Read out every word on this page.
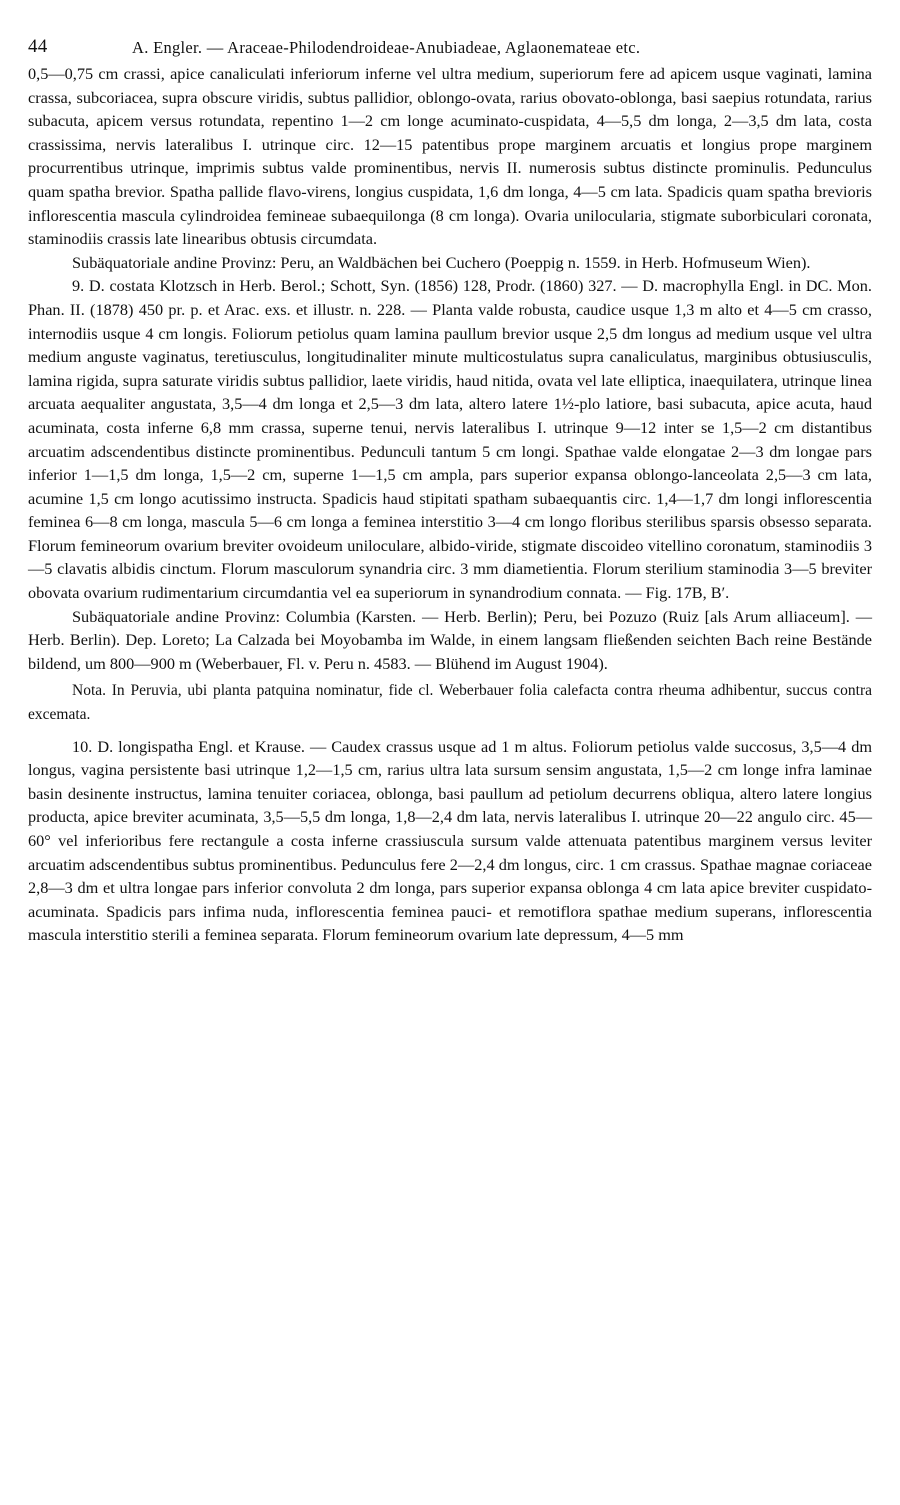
44	A. Engler. — Araceae-Philodendroideae-Anubiadeae, Aglaonemateae etc.

0,5—0,75 cm crassi, apice canaliculati inferiorum inferne vel ultra medium, superiorum fere ad apicem usque vaginati, lamina crassa, subcoriacea, supra obscure viridis, subtus pallidior, oblongo-ovata, rarius obovato-oblonga, basi saepius rotundata, rarius subacuta, apicem versus rotundata, repentino 1—2 cm longe acuminato-cuspidata, 4—5,5 dm longa, 2—3,5 dm lata, costa crassissima, nervis lateralibus I. utrinque circ. 12—15 patentibus prope marginem arcuatis et longius prope marginem procurrentibus utrinque, imprimis subtus valde prominentibus, nervis II. numerosis subtus distincte prominulis. Pedunculus quam spatha brevior. Spatha pallide flavo-virens, longius cuspidata, 1,6 dm longa, 4—5 cm lata. Spadicis quam spatha brevioris inflorescentia mascula cylindroidea femineae subaequilonga (8 cm longa). Ovaria unilocularia, stigmate suborbiculari coronata, staminodiis crassis late linearibus obtusis circumdata.

Subäquatoriale andine Provinz: Peru, an Waldbächen bei Cuchero (Poeppig n. 1559. in Herb. Hofmuseum Wien).

9. D. costata Klotzsch in Herb. Berol.; Schott, Syn. (1856) 128, Prodr. (1860) 327. — D. macrophylla Engl. in DC. Mon. Phan. II. (1878) 450 pr. p. et Arac. exs. et illustr. n. 228. — Planta valde robusta, caudice usque 1,3 m alto et 4—5 cm crasso, internodiis usque 4 cm longis. Foliorum petiolus quam lamina paullum brevior usque 2,5 dm longus ad medium usque vel ultra medium anguste vaginatus, teretiusculus, longitudinaliter minute multicostulatus supra canaliculatus, marginibus obtusiusculis, lamina rigida, supra saturate viridis subtus pallidior, laete viridis, haud nitida, ovata vel late elliptica, inaequilatera, utrinque linea arcuata aequaliter angustata, 3,5—4 dm longa et 2,5—3 dm lata, altero latere 1½-plo latiore, basi subacuta, apice acuta, haud acuminata, costa inferne 6,8 mm crassa, superne tenui, nervis lateralibus I. utrinque 9—12 inter se 1,5—2 cm distantibus arcuatim adscendentibus distincte prominentibus. Pedunculi tantum 5 cm longi. Spathae valde elongatae 2—3 dm longae pars inferior 1—1,5 dm longa, 1,5—2 cm, superne 1—1,5 cm ampla, pars superior expansa oblongo-lanceolata 2,5—3 cm lata, acumine 1,5 cm longo acutissimo instructa. Spadicis haud stipitati spatham subaequantis circ. 1,4—1,7 dm longi inflorescentia feminea 6—8 cm longa, mascula 5—6 cm longa a feminea interstitio 3—4 cm longo floribus sterilibus sparsis obsesso separata. Florum femineorum ovarium breviter ovoideum uniloculare, albido-viride, stigmate discoideo vitellino coronatum, staminodiis 3—5 clavatis albidis cinctum. Florum masculorum synandria circ. 3 mm diametientia. Florum sterilium staminodia 3—5 breviter obovata ovarium rudimentarium circumdantia vel ea superiorum in synandrodium connata. — Fig. 17B, B′.

Subäquatoriale andine Provinz: Columbia (Karsten. — Herb. Berlin); Peru, bei Pozuzo (Ruiz [als Arum alliaceum]. — Herb. Berlin). Dep. Loreto; La Calzada bei Moyobamba im Walde, in einem langsam fließenden seichten Bach reine Bestände bildend, um 800—900 m (Weberbauer, Fl. v. Peru n. 4583. — Blühend im August 1904).

Nota. In Peruvia, ubi planta patquina nominatur, fide cl. Weberbauer folia calefacta contra rheuma adhibentur, succus contra excemata.

10. D. longispatha Engl. et Krause. — Caudex crassus usque ad 1 m altus. Foliorum petiolus valde succosus, 3,5—4 dm longus, vagina persistente basi utrinque 1,2—1,5 cm, rarius ultra lata sursum sensim angustata, 1,5—2 cm longe infra laminae basin desinente instructus, lamina tenuiter coriacea, oblonga, basi paullum ad petiolum decurrens obliqua, altero latere longius producta, apice breviter acuminata, 3,5—5,5 dm longa, 1,8—2,4 dm lata, nervis lateralibus I. utrinque 20—22 angulo circ. 45—60° vel inferioribus fere rectangule a costa inferne crassiuscula sursum valde attenuata patentibus marginem versus leviter arcuatim adscendentibus subtus prominentibus. Pedunculus fere 2—2,4 dm longus, circ. 1 cm crassus. Spathae magnae coriaceae 2,8—3 dm et ultra longae pars inferior convoluta 2 dm longa, pars superior expansa oblonga 4 cm lata apice breviter cuspidato-acuminata. Spadicis pars infima nuda, inflorescentia feminea pauci- et remotiflora spathae medium superans, inflorescentia mascula interstitio sterili a feminea separata. Florum femineorum ovarium late depressum, 4—5 mm
